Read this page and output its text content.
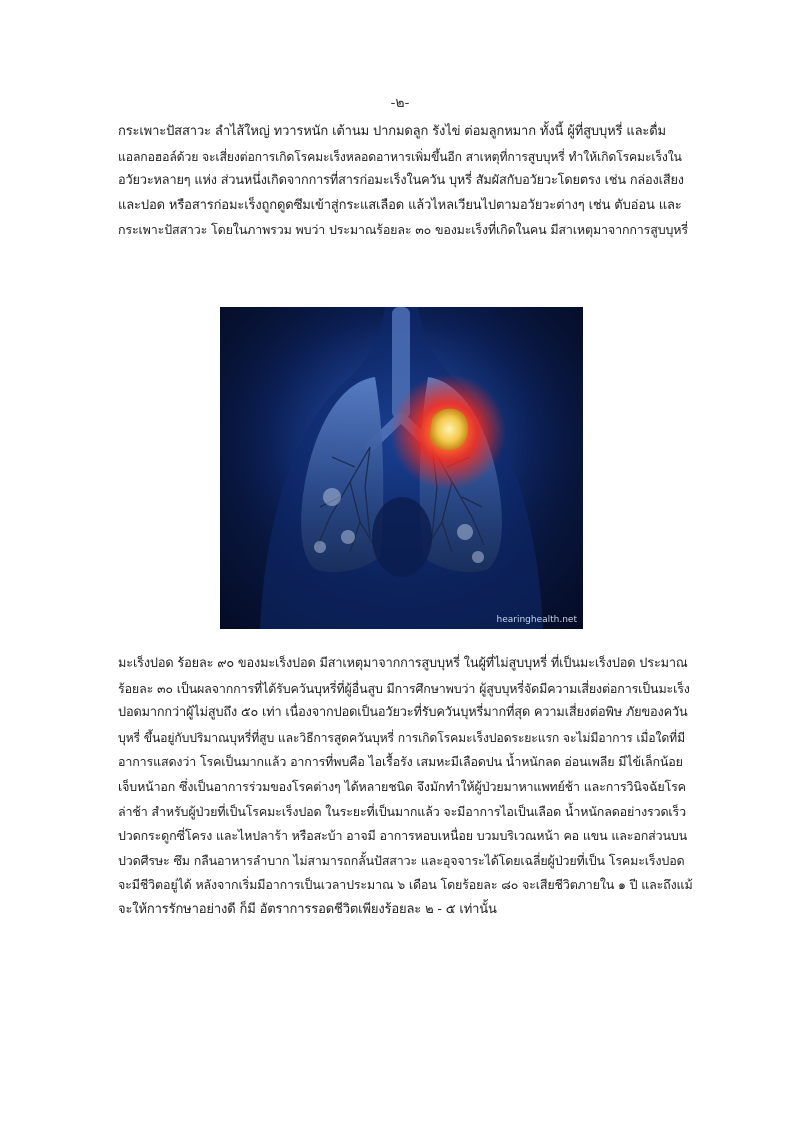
-๒-
กระเพาะปัสสาวะ ลำไส้ใหญ่ ทวารหนัก เต้านม ปากมดลูก รังไข่ ต่อมลูกหมาก ทั้งนี้ ผู้ที่สูบบุหรี่ และดื่ม
แอลกอฮอล์ด้วย จะเสี่ยงต่อการเกิดโรคมะเร็งหลอดอาหารเพิ่มขึ้นอีก สาเหตุที่การสูบบุหรี่ ทำให้เกิดโรคมะเร็งใน
อวัยวะหลายๆ แห่ง ส่วนหนึ่งเกิดจากการที่สารก่อมะเร็งในควัน บุหรี่ สัมผัสกับอวัยวะโดยตรง เช่น กล่องเสียง
และปอด หรือสารก่อมะเร็งถูกดูดซึมเข้าสู่กระแสเลือด แล้วไหลเวียนไปตามอวัยวะต่างๆ เช่น ตับอ่อน และ
กระเพาะปัสสาวะ โดยในภาพรวม พบว่า ประมาณร้อยละ ๓๐ ของมะเร็งที่เกิดในคน มีสาเหตุมาจากการสูบบุหรี่
hearinghealth.net
มะเร็งปอด ร้อยละ ๙๐ ของมะเร็งปอด มีสาเหตุมาจากการสูบบุหรี่ ในผู้ที่ไม่สูบบุหรี่ ที่เป็นมะเร็งปอด ประมาณ
ร้อยละ ๓๐ เป็นผลจากการที่ได้รับควันบุหรี่ที่ผู้อื่นสูบ มีการศึกษาพบว่า ผู้สูบบุหรี่จัดมีความเสี่ยงต่อการเป็นมะเร็ง
ปอดมากกว่าผู้ไม่สูบถึง ๕๐ เท่า เนื่องจากปอดเป็นอวัยวะที่รับควันบุหรี่มากที่สุด ความเสี่ยงต่อพิษ ภัยของควัน
บุหรี่ ขึ้นอยู่กับปริมาณบุหรี่ที่สูบ และวิธีการสูดควันบุหรี่ การเกิดโรคมะเร็งปอดระยะแรก จะไม่มีอาการ เมื่อใดที่มี
อาการแสดงว่า โรคเป็นมากแล้ว อาการที่พบคือ ไอเรื้อรัง เสมหะมีเลือดปน น้ำหนักลด อ่อนเพลีย มีไข้เล็กน้อย
เจ็บหน้าอก ซึ่งเป็นอาการร่วมของโรคต่างๆ ได้หลายชนิด จึงมักทำให้ผู้ป่วยมาหาแพทย์ช้า และการวินิจฉัยโรค
ล่าช้า สำหรับผู้ป่วยที่เป็นโรคมะเร็งปอด ในระยะที่เป็นมากแล้ว จะมีอาการไอเป็นเลือด น้ำหนักลดอย่างรวดเร็ว
ปวดกระดูกซี่โครง และไหปลาร้า หรือสะบ้า อาจมี อาการหอบเหนื่อย บวมบริเวณหน้า คอ แขน และอกส่วนบน
ปวดศีรษะ ซึม กลืนอาหารลำบาก ไม่สามารถกลั้นปัสสาวะ และอุจจาระได้โดยเฉลี่ยผู้ป่วยที่เป็น โรคมะเร็งปอด
จะมีชีวิตอยู่ได้ หลังจากเริ่มมีอาการเป็นเวลาประมาณ ๖ เดือน โดยร้อยละ ๘๐ จะเสียชีวิตภายใน ๑ ปี และถึงแม้
จะให้การรักษาอย่างดี ก็มี อัตราการรอดชีวิตเพียงร้อยละ ๒ - ๕ เท่านั้น
